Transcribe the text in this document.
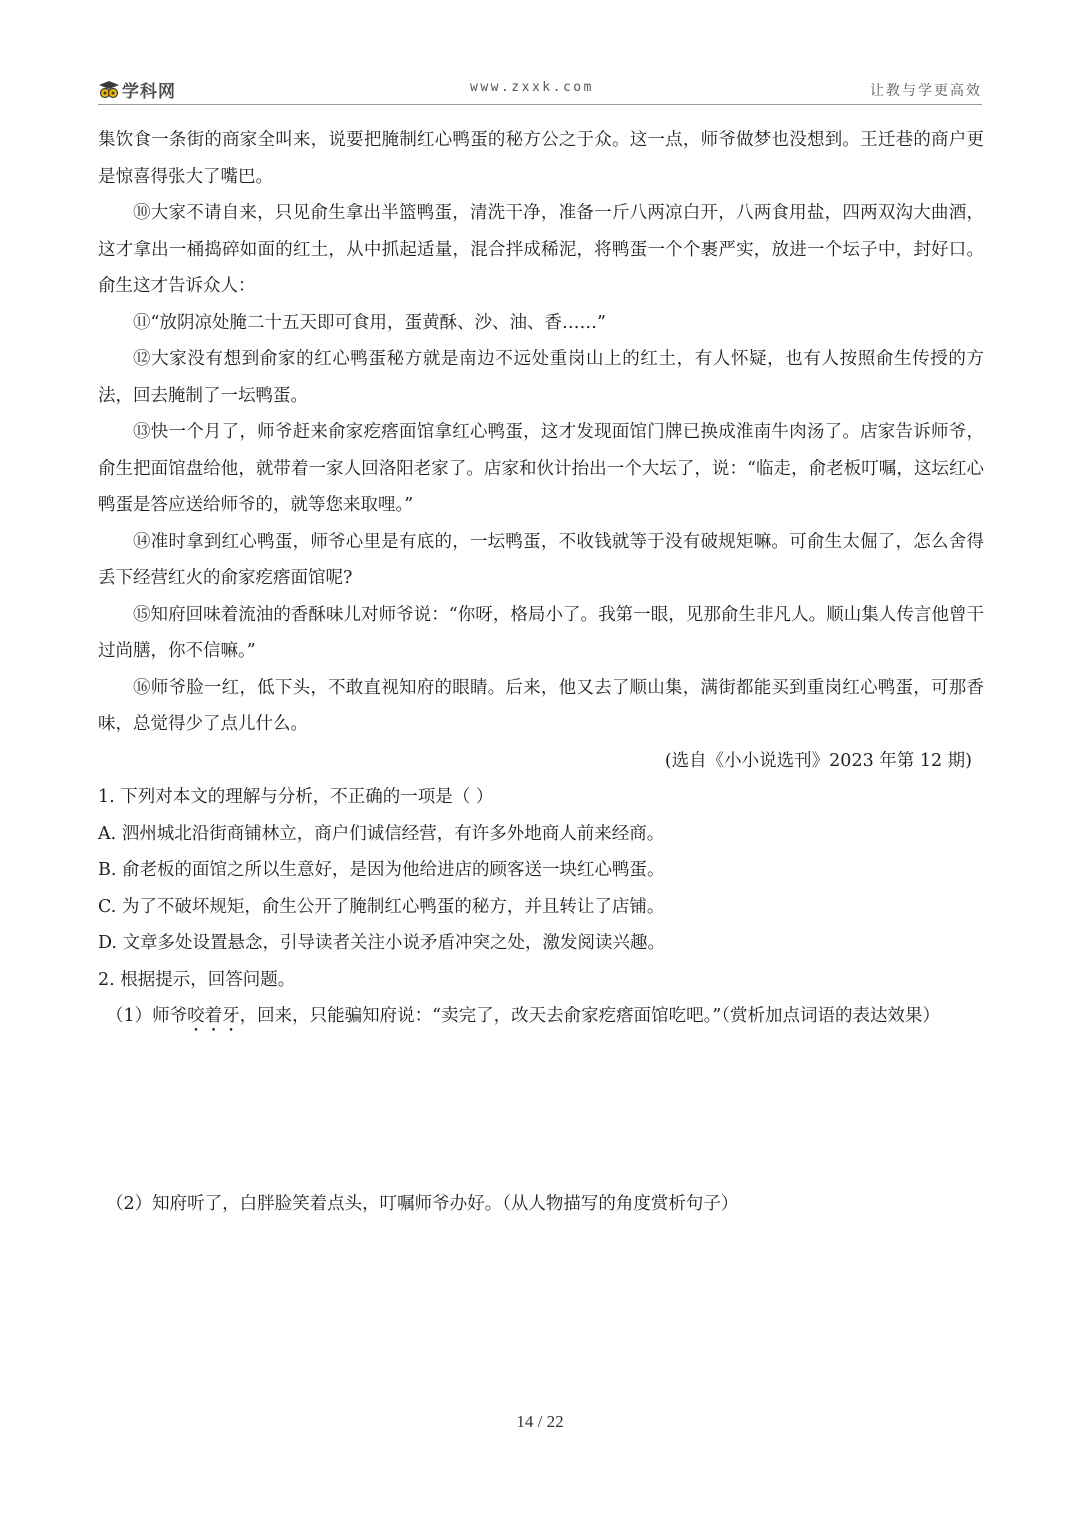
学科网	www.zxxk.com	让教与学更高效

集饮食一条街的商家全叫来，说要把腌制红心鸭蛋的秘方公之于众。这一点，师爷做梦也没想到。王迁巷的商户更是惊喜得张大了嘴巴。

⑩大家不请自来，只见俞生拿出半篮鸭蛋，清洗干净，准备一斤八两凉白开，八两食用盐，四两双沟大曲酒，这才拿出一桶捣碎如面的红土，从中抓起适量，混合拌成稀泥，将鸭蛋一个个裹严实，放进一个坛子中，封好口。俞生这才告诉众人：

⑪“放阴凉处腌二十五天即可食用，蛋黄酥、沙、油、香……”

⑫大家没有想到俞家的红心鸭蛋秘方就是南边不远处重岗山上的红土，有人怀疑，也有人按照俞生传授的方法，回去腌制了一坛鸭蛋。

⑬快一个月了，师爷赶来俞家疙瘩面馆拿红心鸭蛋，这才发现面馆门牌已换成淮南牛肉汤了。店家告诉师爷，俞生把面馆盘给他，就带着一家人回洛阳老家了。店家和伙计抬出一个大坛了，说：“临走，俞老板叮嘱，这坛红心鸭蛋是答应送给师爷的，就等您来取哩。”

⑭准时拿到红心鸭蛋，师爷心里是有底的，一坛鸭蛋，不收钱就等于没有破规矩嘛。可俞生太倔了，怎么舍得丢下经营红火的俞家疙瘩面馆呢?

⑮知府回味着流油的香酥味儿对师爷说：“你呀，格局小了。我第一眼，见那俞生非凡人。顺山集人传言他曾干过尚膳，你不信嘛。”

⑯师爷脸一红，低下头，不敢直视知府的眼睛。后来，他又去了顺山集，满街都能买到重岗红心鸭蛋，可那香味，总觉得少了点儿什么。

(选自《小小说选刊》2023 年第 12 期)

1. 下列对本文的理解与分析，不正确的一项是（ ）

A. 泗州城北沿街商铺林立，商户们诚信经营，有许多外地商人前来经商。

B. 俞老板的面馆之所以生意好，是因为他给进店的顾客送一块红心鸭蛋。

C. 为了不破坏规矩，俞生公开了腌制红心鸭蛋的秘方，并且转让了店铺。

D. 文章多处设置悬念，引导读者关注小说矛盾冲突之处，激发阅读兴趣。

2. 根据提示，回答问题。

（1）师爷咬着牙，回来，只能骗知府说：“卖完了，改天去俞家疙瘩面馆吃吧。”（赏析加点词语的表达效果）

（2）知府听了，白胖脸笑着点头，叮嘱师爷办好。（从人物描写的角度赏析句子）

14 / 22
